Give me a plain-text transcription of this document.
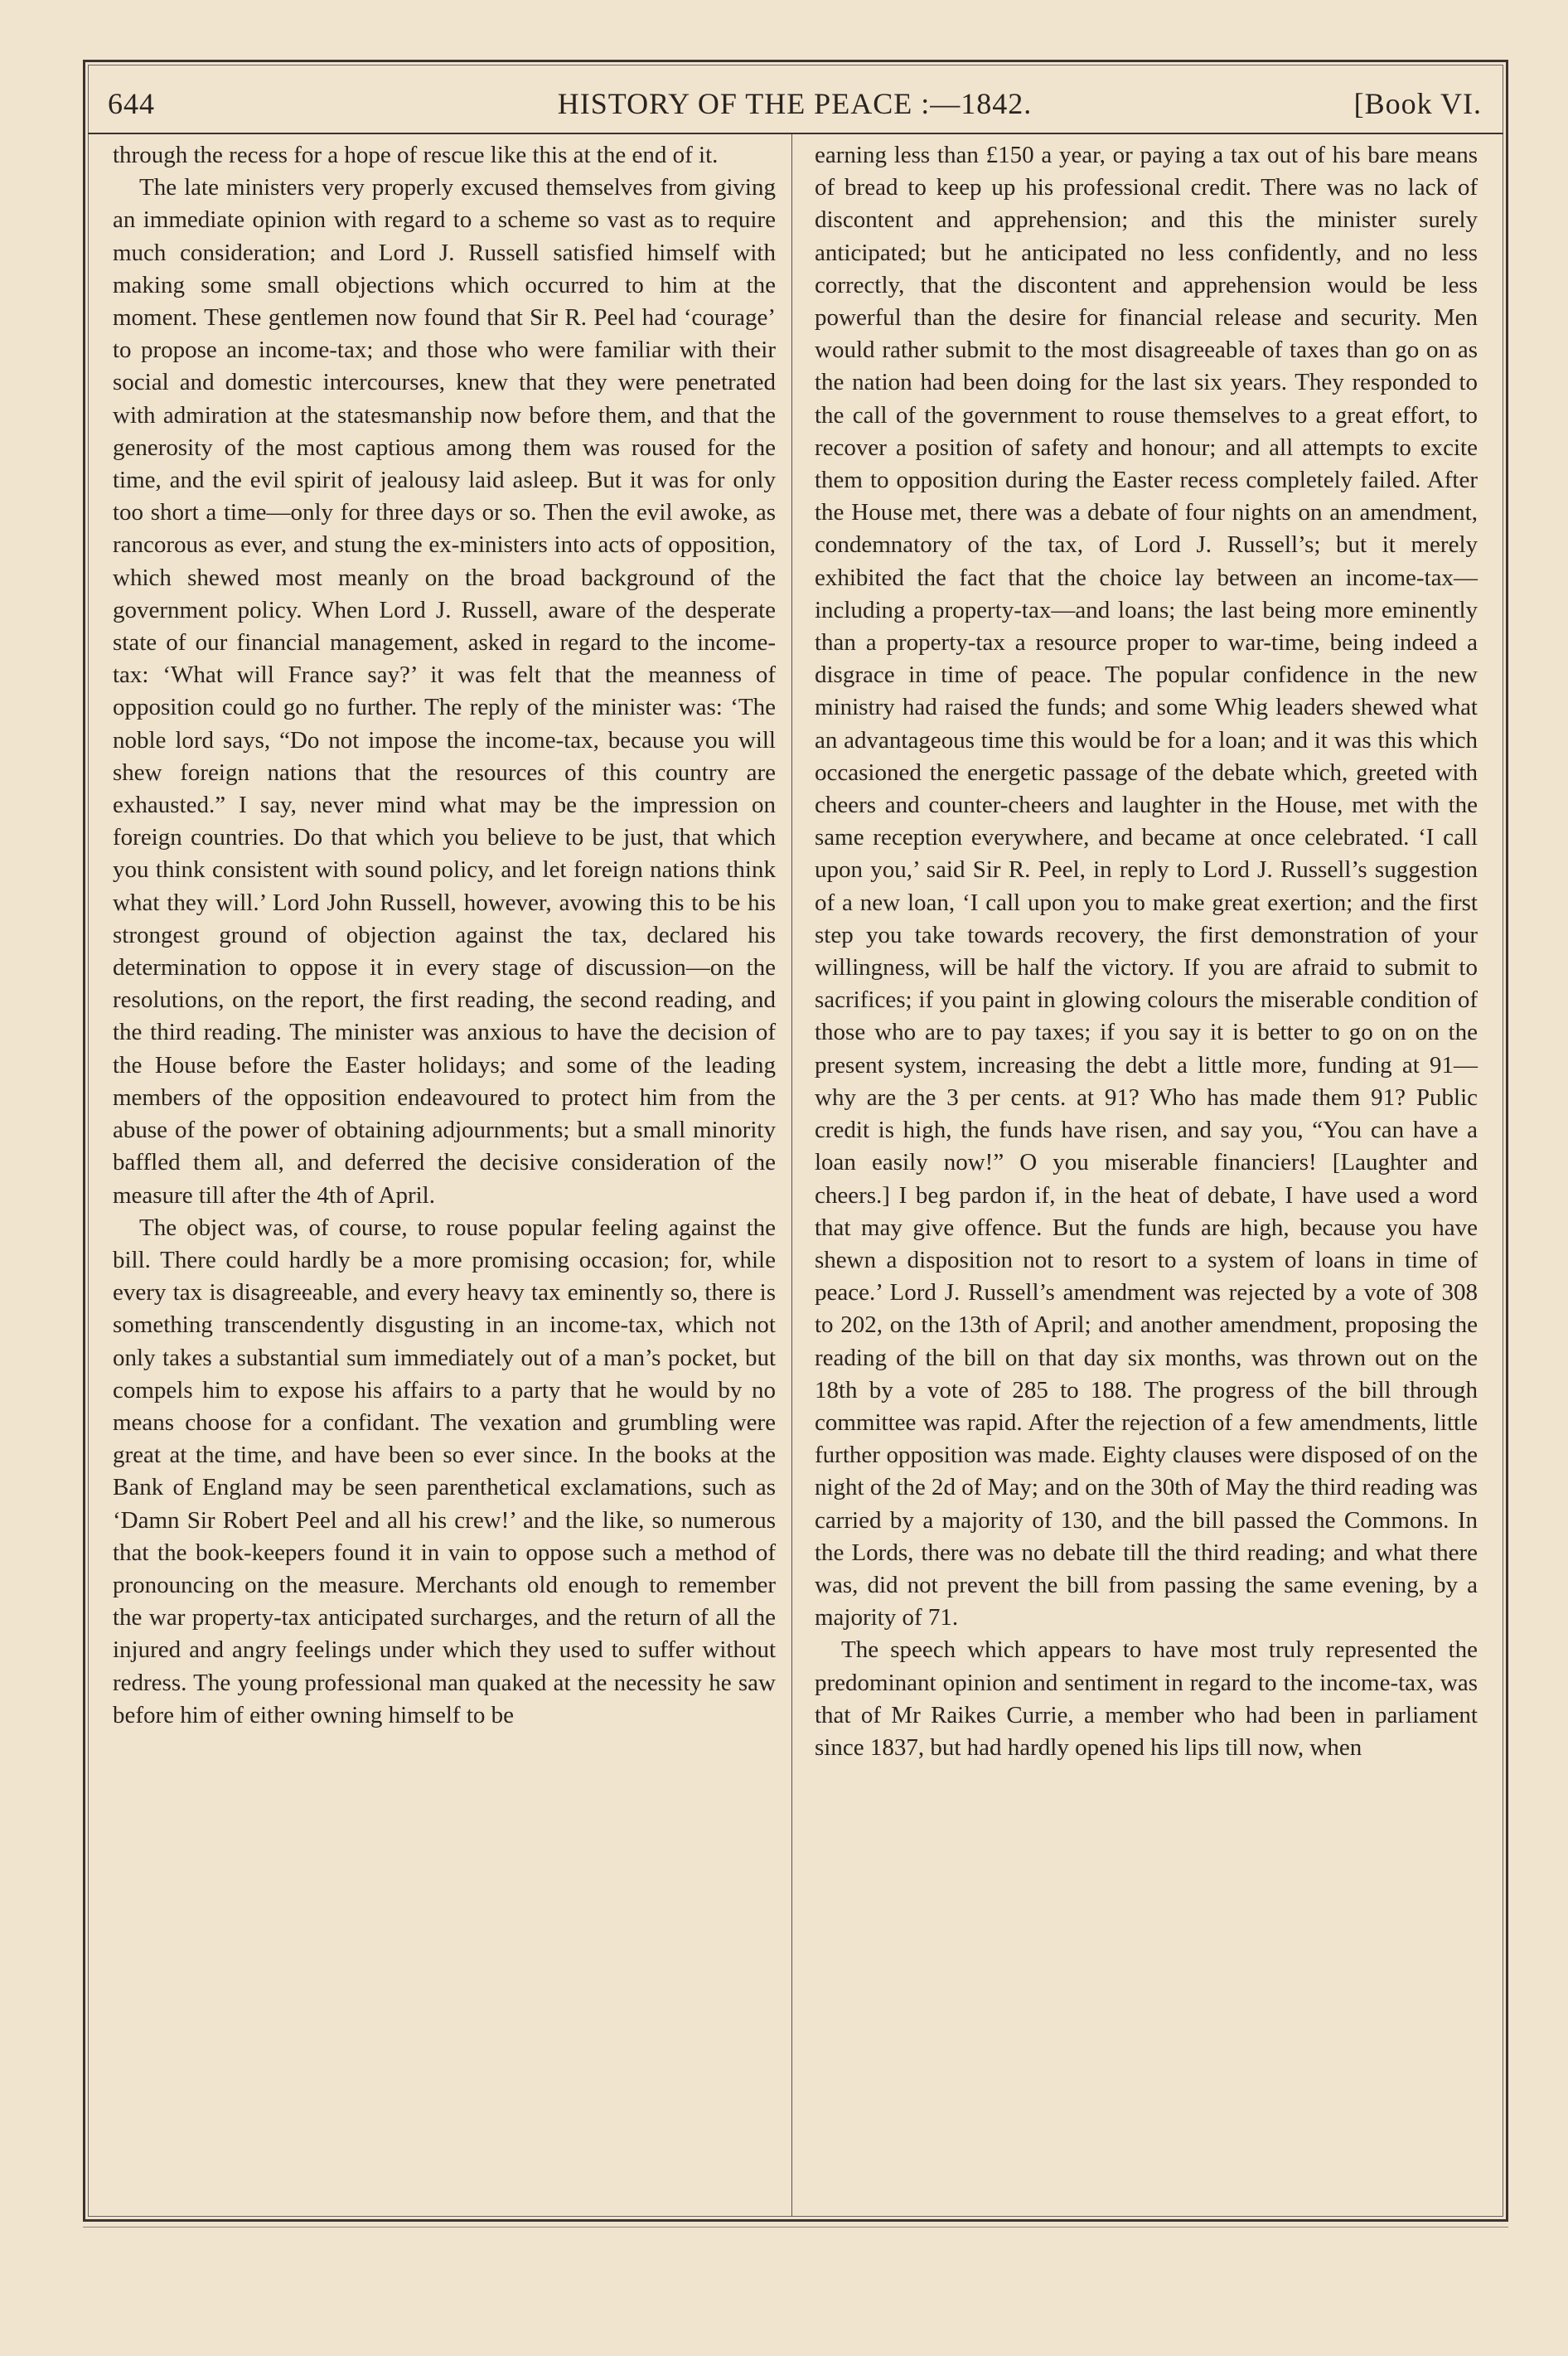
HISTORY OF THE PEACE :—1842.
644	[Book VI.

through the recess for a hope of rescue like this at the end of it.

The late ministers very properly excused themselves from giving an immediate opinion with regard to a scheme so vast as to require much consideration; and Lord J. Russell satisfied himself with making some small objections which occurred to him at the moment. These gentlemen now found that Sir R. Peel had ‘courage’ to propose an income-tax; and those who were familiar with their social and domestic intercourses, knew that they were penetrated with admiration at the statesmanship now before them, and that the generosity of the most captious among them was roused for the time, and the evil spirit of jealousy laid asleep. But it was for only too short a time—only for three days or so. Then the evil awoke, as rancorous as ever, and stung the ex-ministers into acts of opposition, which shewed most meanly on the broad background of the government policy. When Lord J. Russell, aware of the desperate state of our financial management, asked in regard to the income-tax: ‘What will France say?’ it was felt that the meanness of opposition could go no further. The reply of the minister was: ‘The noble lord says, “Do not impose the income-tax, because you will shew foreign nations that the resources of this country are exhausted.” I say, never mind what may be the impression on foreign countries. Do that which you believe to be just, that which you think consistent with sound policy, and let foreign nations think what they will.’ Lord John Russell, however, avowing this to be his strongest ground of objection against the tax, declared his determination to oppose it in every stage of discussion—on the resolutions, on the report, the first reading, the second reading, and the third reading. The minister was anxious to have the decision of the House before the Easter holidays; and some of the leading members of the opposition endeavoured to protect him from the abuse of the power of obtaining adjournments; but a small minority baffled them all, and deferred the decisive consideration of the measure till after the 4th of April.

The object was, of course, to rouse popular feeling against the bill. There could hardly be a more promising occasion; for, while every tax is disagreeable, and every heavy tax eminently so, there is something transcendently disgusting in an income-tax, which not only takes a substantial sum immediately out of a man’s pocket, but compels him to expose his affairs to a party that he would by no means choose for a confidant. The vexation and grumbling were great at the time, and have been so ever since. In the books at the Bank of England may be seen parenthetical exclamations, such as ‘Damn Sir Robert Peel and all his crew!’ and the like, so numerous that the book-keepers found it in vain to oppose such a method of pronouncing on the measure. Merchants old enough to remember the war property-tax anticipated surcharges, and the return of all the injured and angry feelings under which they used to suffer without redress. The young professional man quaked at the necessity he saw before him of either owning himself to be

earning less than £150 a year, or paying a tax out of his bare means of bread to keep up his professional credit. There was no lack of discontent and apprehension; and this the minister surely anticipated; but he anticipated no less confidently, and no less correctly, that the discontent and apprehension would be less powerful than the desire for financial release and security. Men would rather submit to the most disagreeable of taxes than go on as the nation had been doing for the last six years. They responded to the call of the government to rouse themselves to a great effort, to recover a position of safety and honour; and all attempts to excite them to opposition during the Easter recess completely failed. After the House met, there was a debate of four nights on an amendment, condemnatory of the tax, of Lord J. Russell’s; but it merely exhibited the fact that the choice lay between an income-tax—including a property-tax—and loans; the last being more eminently than a property-tax a resource proper to war-time, being indeed a disgrace in time of peace. The popular confidence in the new ministry had raised the funds; and some Whig leaders shewed what an advantageous time this would be for a loan; and it was this which occasioned the energetic passage of the debate which, greeted with cheers and counter-cheers and laughter in the House, met with the same reception everywhere, and became at once celebrated. ‘I call upon you,’ said Sir R. Peel, in reply to Lord J. Russell’s suggestion of a new loan, ‘I call upon you to make great exertion; and the first step you take towards recovery, the first demonstration of your willingness, will be half the victory. If you are afraid to submit to sacrifices; if you paint in glowing colours the miserable condition of those who are to pay taxes; if you say it is better to go on on the present system, increasing the debt a little more, funding at 91—why are the 3 per cents. at 91? Who has made them 91? Public credit is high, the funds have risen, and say you, “You can have a loan easily now!” O you miserable financiers! [Laughter and cheers.] I beg pardon if, in the heat of debate, I have used a word that may give offence. But the funds are high, because you have shewn a disposition not to resort to a system of loans in time of peace.’ Lord J. Russell’s amendment was rejected by a vote of 308 to 202, on the 13th of April; and another amendment, proposing the reading of the bill on that day six months, was thrown out on the 18th by a vote of 285 to 188. The progress of the bill through committee was rapid. After the rejection of a few amendments, little further opposition was made. Eighty clauses were disposed of on the night of the 2d of May; and on the 30th of May the third reading was carried by a majority of 130, and the bill passed the Commons. In the Lords, there was no debate till the third reading; and what there was, did not prevent the bill from passing the same evening, by a majority of 71.

The speech which appears to have most truly represented the predominant opinion and sentiment in regard to the income-tax, was that of Mr Raikes Currie, a member who had been in parliament since 1837, but had hardly opened his lips till now, when
